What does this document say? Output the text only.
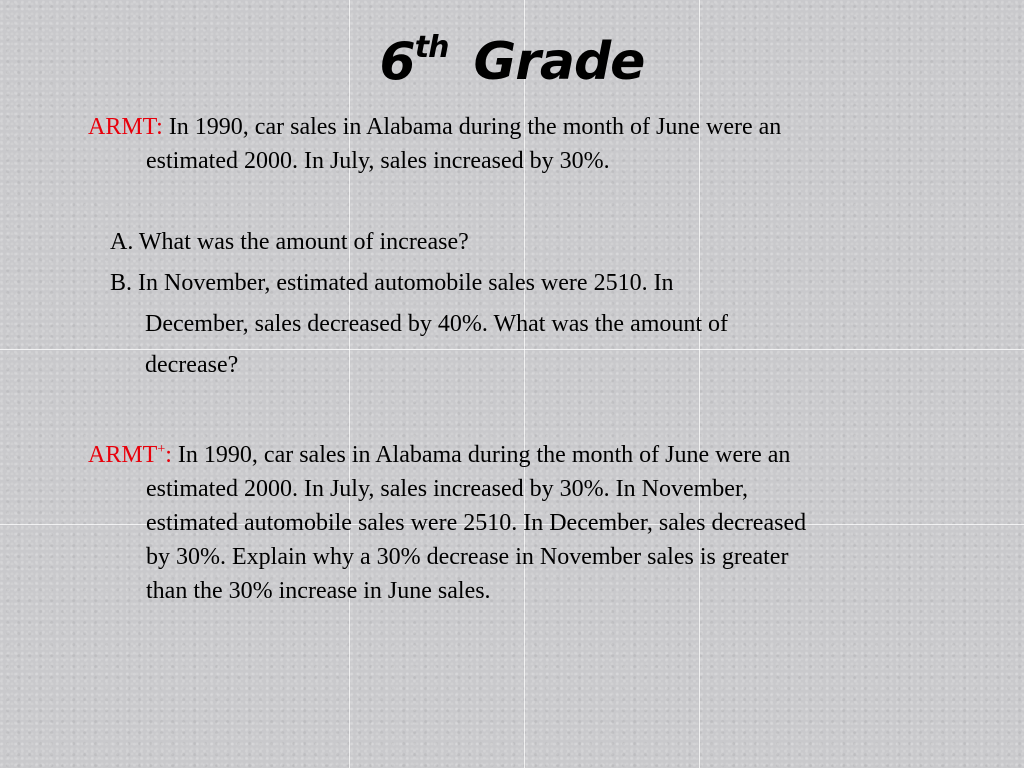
6th Grade
ARMT: In 1990, car sales in Alabama during the month of June were an
estimated 2000. In July, sales increased by 30%.
A. What was the amount of increase?
B. In November, estimated automobile sales were 2510. In
December, sales decreased by 40%. What was the amount of
decrease?
ARMT+: In 1990, car sales in Alabama during the month of June were an
estimated 2000. In July, sales increased by 30%. In November,
estimated automobile sales were 2510. In December, sales decreased
by 30%. Explain why a 30% decrease in November sales is greater
than the 30% increase in June sales.
